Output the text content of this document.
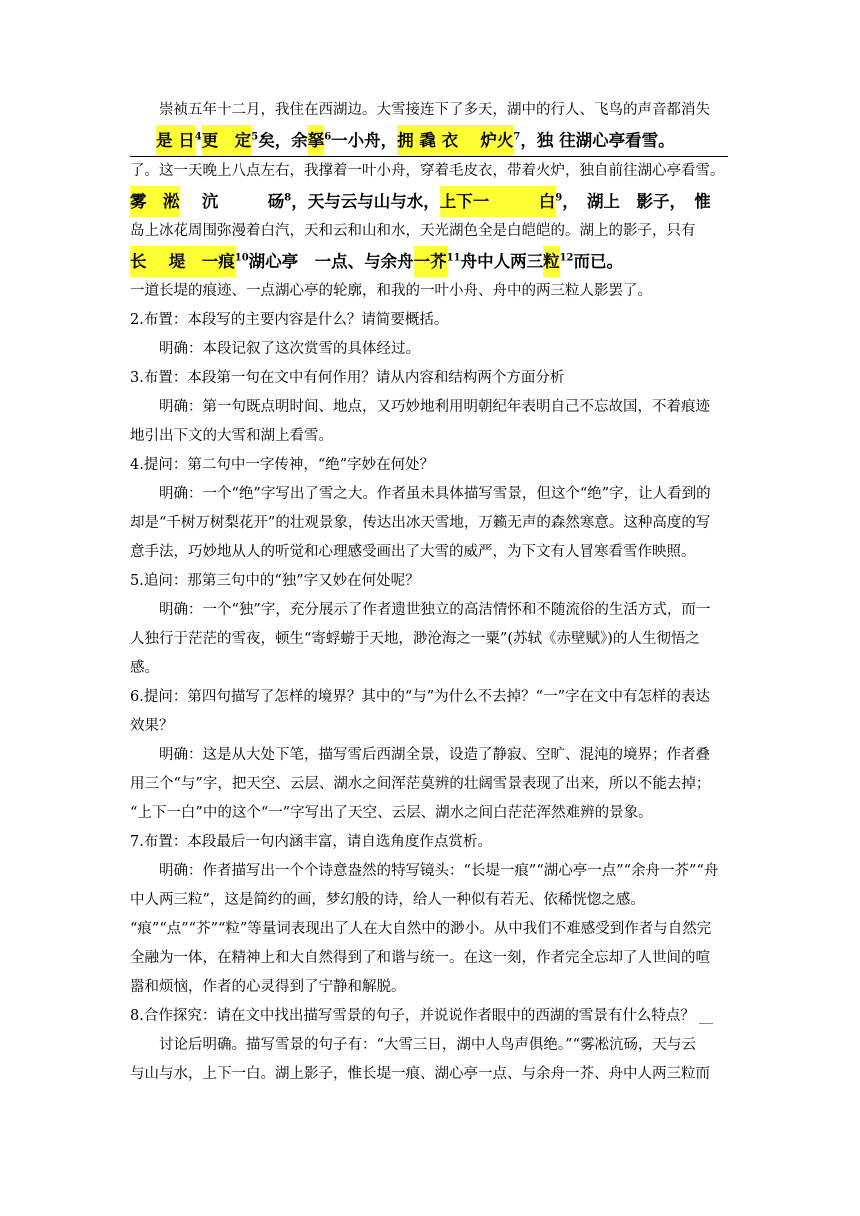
崇祯五年十二月，我住在西湖边。大雪接连下了多天，湖中的行人、飞鸟的声音都消失
是 日$^4$更　定$^5$矣，余拏$^6$一小舟，拥 毳 衣　 炉火$^7$，独 往湖心亭看雪。
了。这一天晚上八点左右，我撑着一叶小舟，穿着毛皮衣，带着火炉，独自前往湖心亭看雪。
雾　淞　 沆　　　砀$^8$，天与云与山与水，上下一　　　白$^9$，　湖上　影子，　惟
岛上冰花周围弥漫着白汽，天和云和山和水，天光湖色全是白皑皑的。湖上的影子，只有
长　 堤　一痕$^{10}$湖心亭　一点、与余舟一芥$^{11}$舟中人两三粒$^{12}$而已。
一道长堤的痕迹、一点湖心亭的轮廓，和我的一叶小舟、舟中的两三粒人影罢了。
2.布置：本段写的主要内容是什么？请简要概括。
明确：本段记叙了这次赏雪的具体经过。
3.布置：本段第一句在文中有何作用？请从内容和结构两个方面分析
明确：第一句既点明时间、地点，又巧妙地利用明朝纪年表明自己不忘故国，不着痕迹
地引出下文的大雪和湖上看雪。
4.提问：第二句中一字传神，“绝”字妙在何处？
明确：一个“绝”字写出了雪之大。作者虽未具体描写雪景，但这个“绝”字，让人看到的
却是“千树万树梨花开”的壮观景象，传达出冰天雪地，万籁无声的森然寒意。这种高度的写
意手法，巧妙地从人的听觉和心理感受画出了大雪的威严，为下文有人冒寒看雪作映照。
5.追问：那第三句中的“独”字又妙在何处呢？
明确：一个“独”字，充分展示了作者遗世独立的高洁情怀和不随流俗的生活方式，而一
人独行于茫茫的雪夜，顿生“寄蜉蝣于天地，渺沧海之一粟”(苏轼《赤壁赋》)的人生彻悟之
感。
6.提问：第四句描写了怎样的境界？其中的“与”为什么不去掉？“一”字在文中有怎样的表达
效果？
明确：这是从大处下笔，描写雪后西湖全景，设造了静寂、空旷、混沌的境界；作者叠
用三个“与”字，把天空、云层、湖水之间浑茫莫辨的壮阔雪景表现了出来，所以不能去掉；
“上下一白”中的这个“一”字写出了天空、云层、湖水之间白茫茫浑然难辨的景象。
7.布置：本段最后一句内涵丰富，请自选角度作点赏析。
明确：作者描写出一个个诗意盎然的特写镜头：“长堤一痕”“湖心亭一点”“余舟一芥”“舟
中人两三粒”，这是简约的画，梦幻般的诗，给人一种似有若无、依稀恍惚之感。
“痕”“点”“芥”“粒”等量词表现出了人在大自然中的渺小。从中我们不难感受到作者与自然完
全融为一体，在精神上和大自然得到了和谐与统一。在这一刻，作者完全忘却了人世间的喧
嚣和烦恼，作者的心灵得到了宁静和解脱。
8.合作探究：请在文中找出描写雪景的句子，并说说作者眼中的西湖的雪景有什么特点？
讨论后明确。描写雪景的句子有：“大雪三日，湖中人鸟声俱绝。”“雾凇沆砀，天与云
与山与水，上下一白。湖上影子，惟长堤一痕、湖心亭一点、与余舟一芥、舟中人两三粒而
